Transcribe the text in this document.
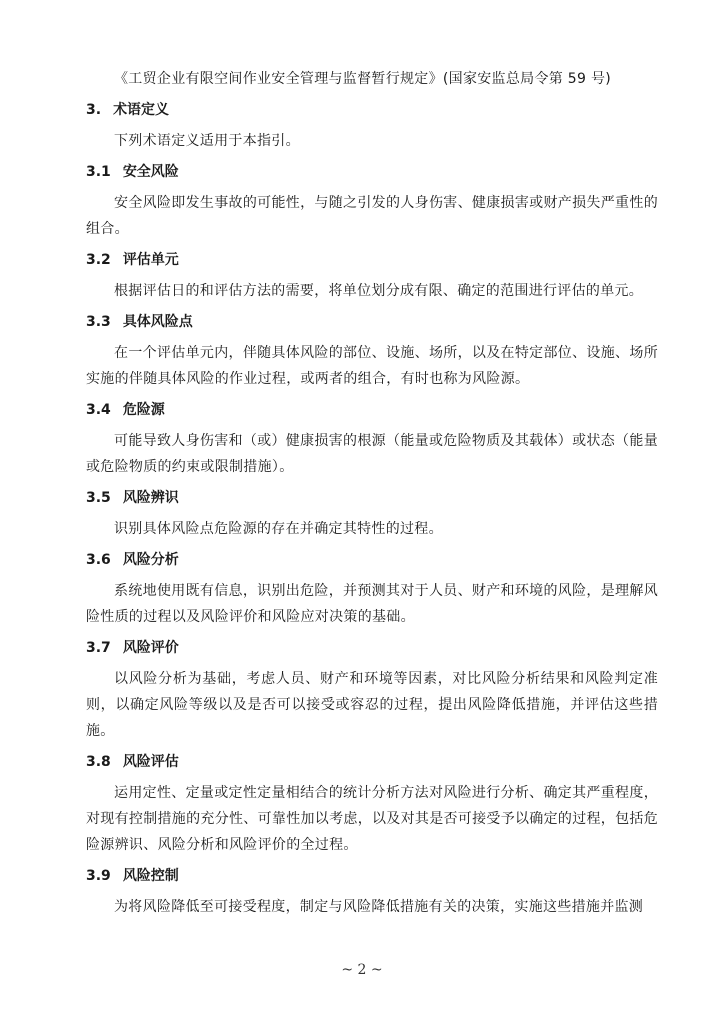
《工贸企业有限空间作业安全管理与监督暂行规定》(国家安监总局令第 59 号)

3. 术语定义

下列术语定义适用于本指引。

3.1 安全风险

安全风险即发生事故的可能性，与随之引发的人身伤害、健康损害或财产损失严重性的组合。

3.2 评估单元

根据评估日的和评估方法的需要，将单位划分成有限、确定的范围进行评估的单元。

3.3 具体风险点

在一个评估单元内，伴随具体风险的部位、设施、场所，以及在特定部位、设施、场所实施的伴随具体风险的作业过程，或两者的组合，有时也称为风险源。

3.4 危险源

可能导致人身伤害和（或）健康损害的根源（能量或危险物质及其载体）或状态（能量或危险物质的约束或限制措施）。

3.5 风险辨识

识别具体风险点危险源的存在并确定其特性的过程。

3.6 风险分析

系统地使用既有信息，识别出危险，并预测其对于人员、财产和环境的风险，是理解风险性质的过程以及风险评价和风险应对决策的基础。

3.7 风险评价

以风险分析为基础，考虑人员、财产和环境等因素，对比风险分析结果和风险判定准则，以确定风险等级以及是否可以接受或容忍的过程，提出风险降低措施，并评估这些措施。

3.8 风险评估

运用定性、定量或定性定量相结合的统计分析方法对风险进行分析、确定其严重程度，对现有控制措施的充分性、可靠性加以考虑，以及对其是否可接受予以确定的过程，包括危险源辨识、风险分析和风险评价的全过程。

3.9 风险控制

为将风险降低至可接受程度，制定与风险降低措施有关的决策，实施这些措施并监测

~ 2 ~
